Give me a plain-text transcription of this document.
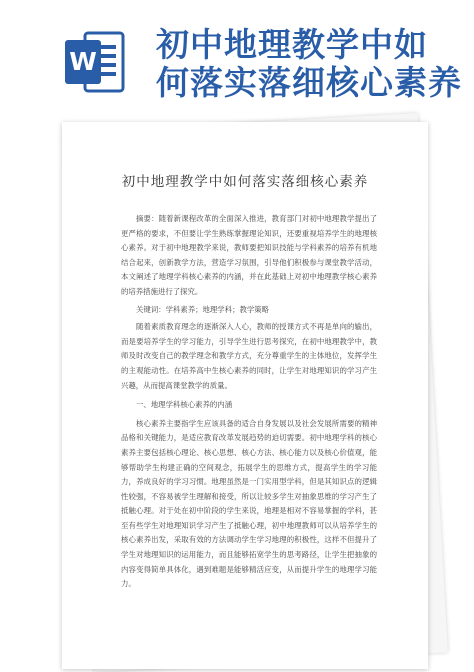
W 初中地理教学中如
何落实落细核心素养
初中地理教学中如何落实落细核心素养

摘要：随着新课程改革的全面深入推进，教育部门对初中地理教学提出了更严格的要求，不但要让学生熟练掌握理论知识，还要重视培养学生的地理核心素养。对于初中地理教学来说，教师要把知识技能与学科素养的培养有机地结合起来，创新教学方法，营造学习氛围，引导他们积极参与课堂教学活动，本文阐述了地理学科核心素养的内涵，并在此基础上对初中地理教学核心素养的培养措施进行了探究。

关键词：学科素养；地理学科；教学策略

随着素质教育理念的逐渐深入人心，教师的授课方式不再是单向的输出，而是要培养学生的学习能力，引导学生进行思考探究，在初中地理教学中，教师及时改变自己的教学理念和教学方式，充分尊重学生的主体地位，发挥学生的主观能动性。在培养高中生核心素养的同时，让学生对地理知识的学习产生兴趣，从而提高课堂教学的质量。

一、地理学科核心素养的内涵

核心素养主要指学生应该具备的适合自身发展以及社会发展所需要的精神品格和关键能力，是适应教育改革发展趋势的迫切需要。初中地理学科的核心素养主要包括核心理论、核心思想、核心方法、核心能力以及核心价值观，能够帮助学生构建正确的空间观念，拓展学生的思维方式，提高学生的学习能力，养成良好的学习习惯。地理虽然是一门实用型学科，但是其知识点的逻辑性较强，不容易被学生理解和接受，所以让较多学生对抽象思维的学习产生了抵触心理。对于处在初中阶段的学生来说，地理是相对不容易掌握的学科，甚至有些学生对地理知识学习产生了抵触心理，初中地理教师可以从培养学生的核心素养出发，采取有效的方法调动学生学习地理的积极性，这样不但提升了学生对地理知识的运用能力，而且能够拓宽学生的思考路径，让学生把抽象的内容变得简单具体化，遇到难题是能够精活应变，从而提升学生的地理学习能力。
